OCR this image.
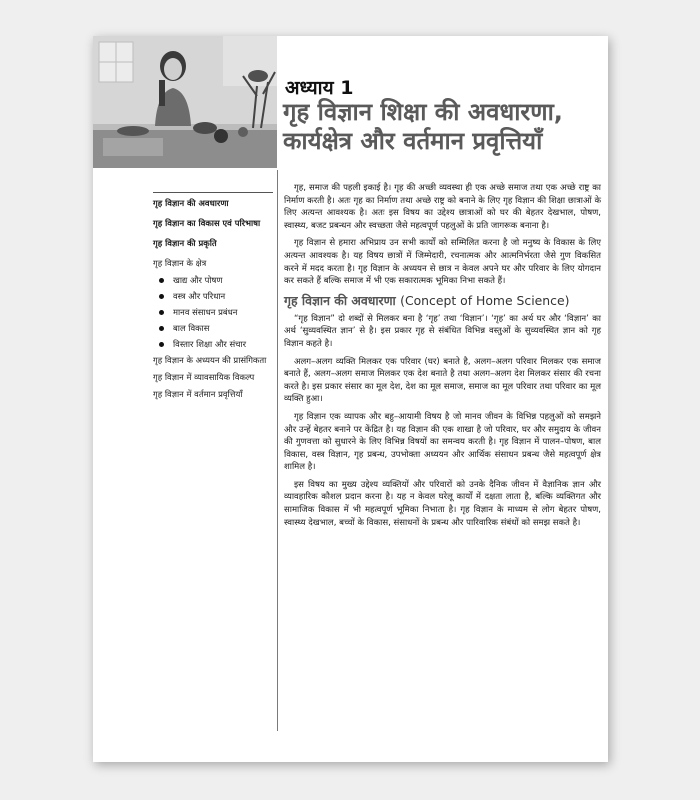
अध्याय 1
गृह विज्ञान शिक्षा की अवधारणा, कार्यक्षेत्र और वर्तमान प्रवृत्तियाँ
गृह विज्ञान की अवधारणा
गृह विज्ञान का विकास एवं परिभाषा
गृह विज्ञान की प्रकृति
गृह विज्ञान के क्षेत्र
खाद्य और पोषण
वस्त्र और परिधान
मानव संसाधन प्रबंधन
बाल विकास
विस्तार शिक्षा और संचार
गृह विज्ञान के अध्ययन की प्रासंगिकता
गृह विज्ञान में व्यावसायिक विकल्प
गृह विज्ञान में वर्तमान प्रवृत्तियाँ

गृह, समाज की पहली इकाई है। गृह की अच्छी व्यवस्था ही एक अच्छे समाज तथा एक अच्छे राष्ट्र का निर्माण करती है। अतः गृह का निर्माण तथा अच्छे राष्ट्र को बनाने के लिए गृह विज्ञान की शिक्षा छात्राओं के लिए अत्यन्त आवश्यक है। अतः इस विषय का उद्देश्य छात्राओं को घर की बेहतर देखभाल, पोषण, स्वास्थ्य, बजट प्रबन्धन और स्वच्छता जैसे महत्वपूर्ण पहलुओं के प्रति जागरूक बनाना है।

गृह विज्ञान से हमारा अभिप्राय उन सभी कार्यों को सम्मिलित करना है जो मनुष्य के विकास के लिए अत्यन्त आवश्यक है। यह विषय छात्रों में जिम्मेदारी, रचनात्मक और आत्मनिर्भरता जैसे गुण विकसित करने में मदद करता है। गृह विज्ञान के अध्ययन से छात्र न केवल अपने घर और परिवार के लिए योगदान कर सकते हैं बल्कि समाज में भी एक सकारात्मक भूमिका निभा सकते हैं।

गृह विज्ञान की अवधारणा (Concept of Home Science)

“गृह विज्ञान” दो शब्दों से मिलकर बना है ‘गृह’ तथा ‘विज्ञान’। ‘गृह’ का अर्थ घर और ‘विज्ञान’ का अर्थ ‘सुव्यवस्थित ज्ञान’ से है। इस प्रकार गृह से संबंधित विभिन्न वस्तुओं के सुव्यवस्थित ज्ञान को गृह विज्ञान कहते है।

अलग–अलग व्यक्ति मिलकर एक परिवार (घर) बनाते है, अलग–अलग परिवार मिलकर एक समाज बनाते हैं, अलग–अलग समाज मिलकर एक देश बनाते है तथा अलग–अलग देश मिलकर संसार की रचना करते है। इस प्रकार संसार का मूल देश, देश का मूल समाज, समाज का मूल परिवार तथा परिवार का मूल व्यक्ति हुआ।

गृह विज्ञान एक व्यापक और बहु–आयामी विषय है जो मानव जीवन के विभिन्न पहलुओं को समझने और उन्हें बेहतर बनाने पर केंद्रित है। यह विज्ञान की एक शाखा है जो परिवार, घर और समुदाय के जीवन की गुणवत्ता को सुधारने के लिए विभिन्न विषयों का समन्वय करती है। गृह विज्ञान में पालन–पोषण, बाल विकास, वस्त्र विज्ञान, गृह प्रबन्ध, उपभोक्ता अध्ययन और आर्थिक संसाधन प्रबन्ध जैसे महत्वपूर्ण क्षेत्र शामिल है।

इस विषय का मुख्य उद्देश्य व्यक्तियों और परिवारों को उनके दैनिक जीवन में वैज्ञानिक ज्ञान और व्यावहारिक कौशल प्रदान करना है। यह न केवल घरेलू कार्यों में दक्षता लाता है, बल्कि व्यक्तिगत और सामाजिक विकास में भी महत्वपूर्ण भूमिका निभाता है। गृह विज्ञान के माध्यम से लोग बेहतर पोषण, स्वास्थ्य देखभाल, बच्चों के विकास, संसाधनों के प्रबन्ध और पारिवारिक संबंधों को समझ सकते है।
